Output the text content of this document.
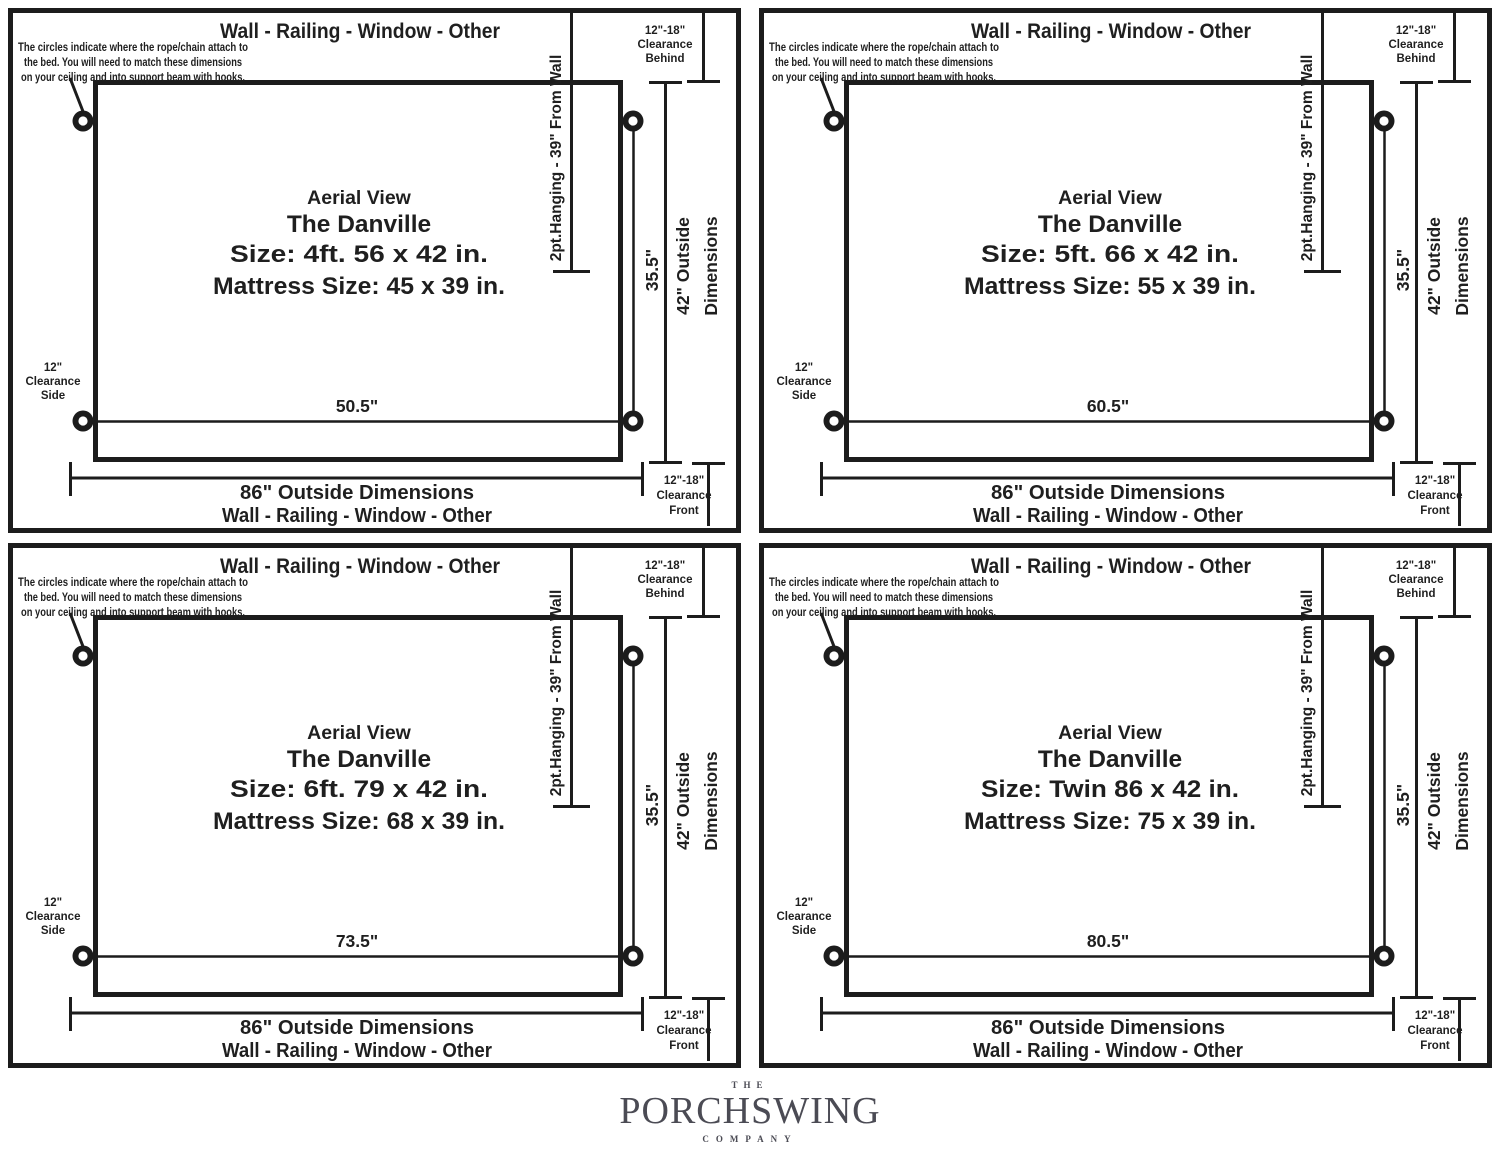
Wall - Railing - Window - Other
The circles indicate where the rope/chain attach to
the bed. You will need to match these dimensions
on your ceiling and into support beam with hooks.
12"-18"
Clearance
Behind
2pt.Hanging - 39" From Wall
35.5" 42" Outside Dimensions
12"
Clearance
Side	50.5"
Aerial View
The Danville
Size: 4ft. 56 x 42 in.
Mattress Size: 45 x 39 in.
86" Outside Dimensions
Wall - Railing - Window - Other
12"-18"
Clearance
Front
Wall - Railing - Window - Other
The circles indicate where the rope/chain attach to
the bed. You will need to match these dimensions
on your ceiling and into support beam with hooks.
12"-18"
Clearance
Behind
2pt.Hanging - 39" From Wall
35.5" 42" Outside Dimensions
12"
Clearance
Side	60.5"
Aerial View
The Danville
Size: 5ft. 66 x 42 in.
Mattress Size: 55 x 39 in.
86" Outside Dimensions
Wall - Railing - Window - Other
12"-18"
Clearance
Front
Wall - Railing - Window - Other
The circles indicate where the rope/chain attach to
the bed. You will need to match these dimensions
on your ceiling and into support beam with hooks.
12"-18"
Clearance
Behind
2pt.Hanging - 39" From Wall
35.5" 42" Outside Dimensions
12"
Clearance
Side	73.5"
Aerial View
The Danville
Size: 6ft. 79 x 42 in.
Mattress Size: 68 x 39 in.
86" Outside Dimensions
Wall - Railing - Window - Other
12"-18"
Clearance
Front
Wall - Railing - Window - Other
The circles indicate where the rope/chain attach to
the bed. You will need to match these dimensions
on your ceiling and into support beam with hooks.
12"-18"
Clearance
Behind
2pt.Hanging - 39" From Wall
35.5" 42" Outside Dimensions
12"
Clearance
Side	80.5"
Aerial View
The Danville
Size: Twin 86 x 42 in.
Mattress Size: 75 x 39 in.
86" Outside Dimensions
Wall - Railing - Window - Other
12"-18"
Clearance
Front
THE
PORCHSWING
COMPANY
